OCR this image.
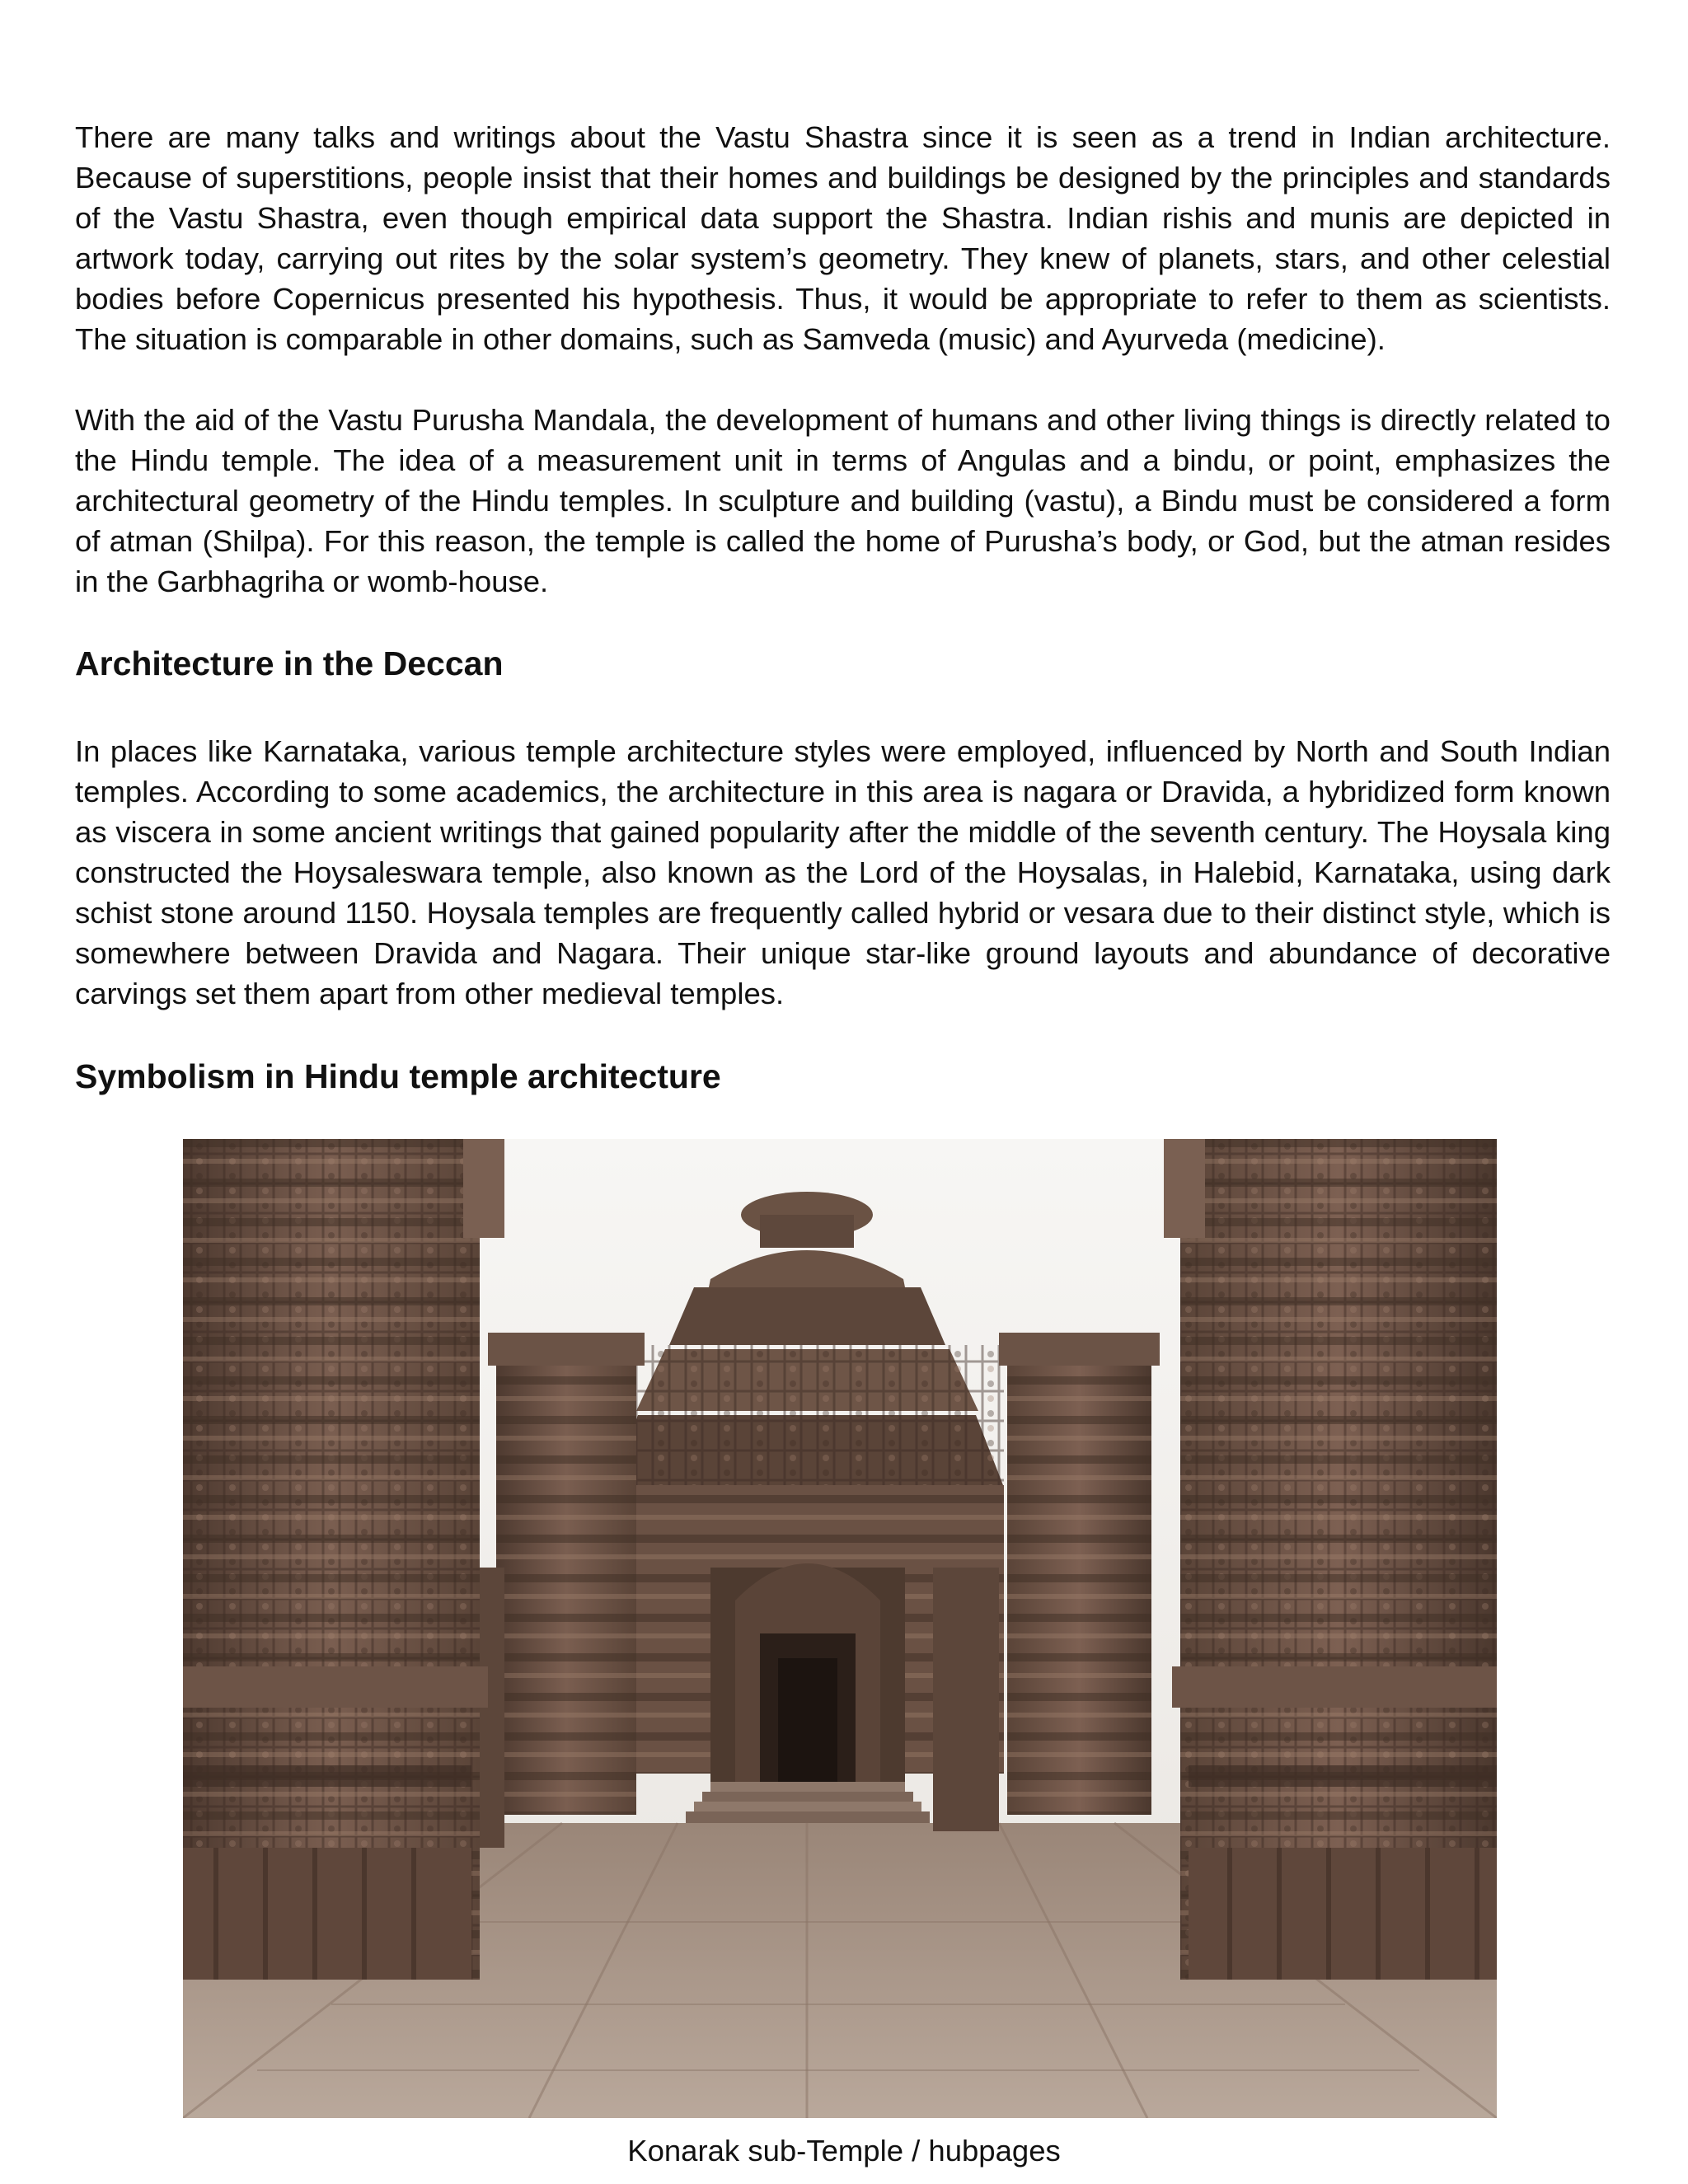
There are many talks and writings about the Vastu Shastra since it is seen as a trend in Indian architecture. Because of superstitions, people insist that their homes and buildings be designed by the principles and standards of the Vastu Shastra, even though empirical data support the Shastra. Indian rishis and munis are depicted in artwork today, carrying out rites by the solar system’s geometry. They knew of planets, stars, and other celestial bodies before Copernicus presented his hypothesis. Thus, it would be appropriate to refer to them as scientists. The situation is comparable in other domains, such as Samveda (music) and Ayurveda (medicine).

With the aid of the Vastu Purusha Mandala, the development of humans and other living things is directly related to the Hindu temple. The idea of a measurement unit in terms of Angulas and a bindu, or point, emphasizes the architectural geometry of the Hindu temples. In sculpture and building (vastu), a Bindu must be considered a form of atman (Shilpa). For this reason, the temple is called the home of Purusha’s body, or God, but the atman resides in the Garbhagriha or womb-house.

Architecture in the Deccan

In places like Karnataka, various temple architecture styles were employed, influenced by North and South Indian temples. According to some academics, the architecture in this area is nagara or Dravida, a hybridized form known as viscera in some ancient writings that gained popularity after the middle of the seventh century. The Hoysala king constructed the Hoysaleswara temple, also known as the Lord of the Hoysalas, in Halebid, Karnataka, using dark schist stone around 1150. Hoysala temples are frequently called hybrid or vesara due to their distinct style, which is somewhere between Dravida and Nagara. Their unique star-like ground layouts and abundance of decorative carvings set them apart from other medieval temples.

Symbolism in Hindu temple architecture

Konarak sub-Temple / hubpages
